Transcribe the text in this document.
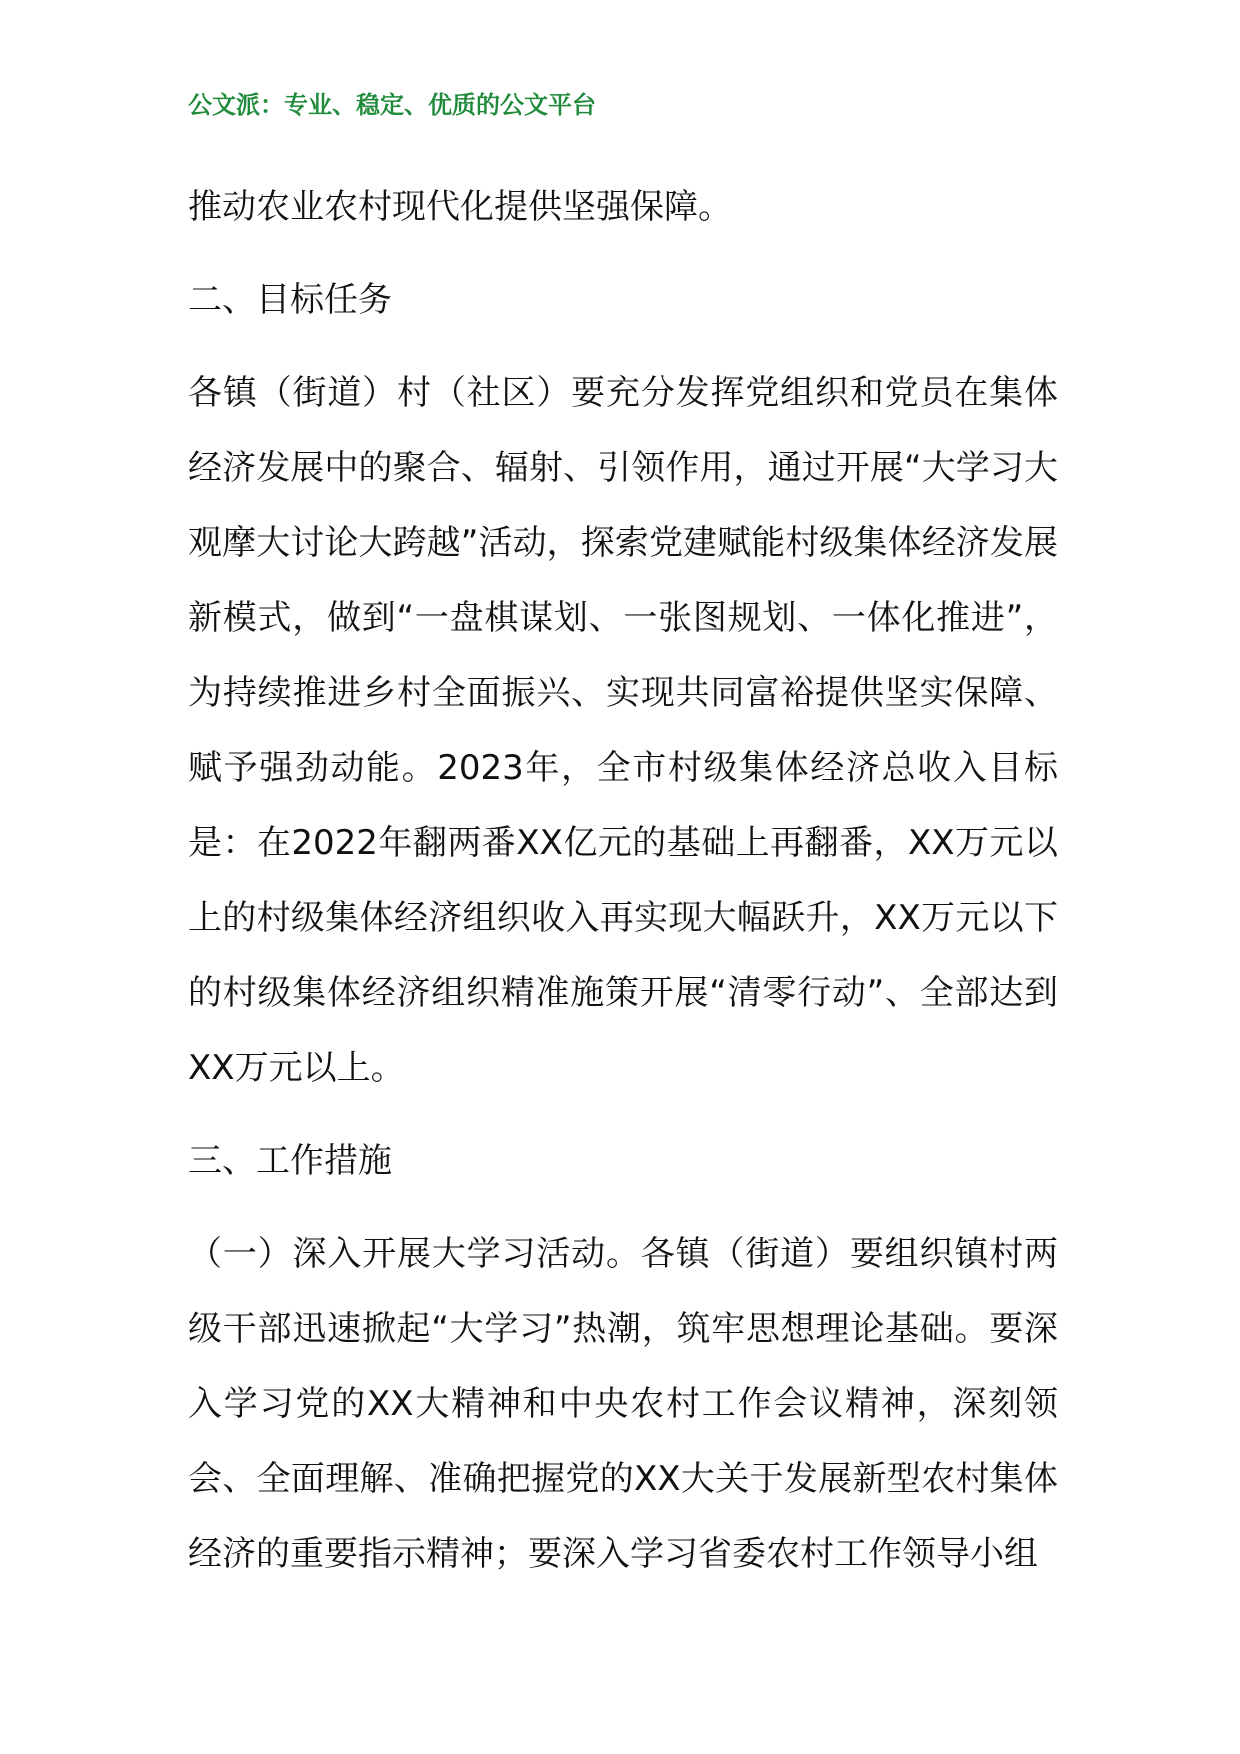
公文派：专业、稳定、优质的公文平台

推动农业农村现代化提供坚强保障。

二、目标任务

各镇（街道）村（社区）要充分发挥党组织和党员在集体经济发展中的聚合、辐射、引领作用，通过开展“大学习大观摩大讨论大跨越”活动，探索党建赋能村级集体经济发展新模式，做到“一盘棋谋划、一张图规划、一体化推进”，为持续推进乡村全面振兴、实现共同富裕提供坚实保障、赋予强劲动能。2023年，全市村级集体经济总收入目标是：在2022年翻两番XX亿元的基础上再翻番，XX万元以上的村级集体经济组织收入再实现大幅跃升，XX万元以下的村级集体经济组织精准施策开展“清零行动”、全部达到XX万元以上。

三、工作措施

（一）深入开展大学习活动。各镇（街道）要组织镇村两级干部迅速掀起“大学习”热潮，筑牢思想理论基础。要深入学习党的XX大精神和中央农村工作会议精神，深刻领会、全面理解、准确把握党的XX大关于发展新型农村集体经济的重要指示精神；要深入学习省委农村工作领导小组
